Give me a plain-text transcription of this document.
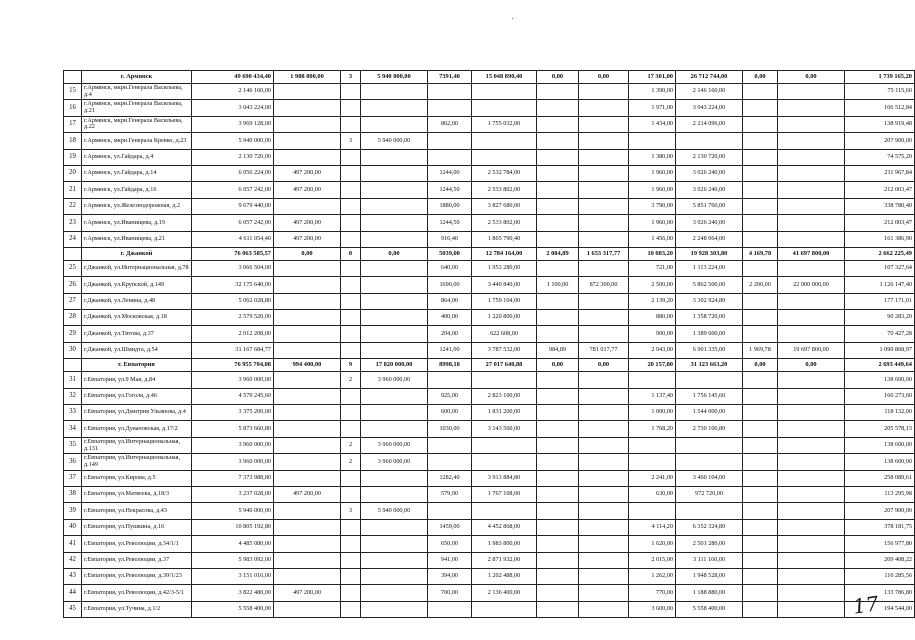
	г. Армянск	49 690 434,40	1 988 800,00	3	5 940 000,00	7391,40	15 048 890,40	0,00	0,00	17 301,00	26 712 744,00	0,00	0,00	1 739 165,20
15	г.Армянск, мкрн.Генерала Васильева, д.4	2 146 160,00								1 390,00	2 146 160,00			75 115,60
16	г.Армянск, мкрн.Генерала Васильева, д.21	3 043 224,00								1 971,00	3 043 224,00			106 512,84
17	г.Армянск, мкрн.Генерала Васильева, д.22	3 969 128,00				862,00	1 755 032,00			1 434,00	2 214 096,00			138 919,48
18	г.Армянск, мкрн.Генерала Кревко, д.23	5 940 000,00		3	5 940 000,00									207 900,00
19	г.Армянск, ул.Гайдара, д.4	2 130 720,00								1 380,00	2 130 720,00			74 575,20
20	г.Армянск, ул.Гайдара, д.14	6 056 224,00	497 200,00			1244,00	2 532 784,00			1 960,00	3 026 240,00			211 967,84
21	г.Армянск, ул.Гайдара, д.16	6 057 242,00	497 200,00			1244,50	2 533 802,00			1 960,00	3 026 240,00			212 003,47
22	г.Армянск, ул.Железнодорожная, д.2	9 679 440,00				1880,00	3 827 680,00			3 790,00	5 851 760,00			338 780,40
23	г.Армянск, ул.Иванищева, д.19	6 057 242,00	497 200,00			1244,50	2 533 802,00			1 960,00	3 026 240,00			212 003,47
24	г.Армянск, ул.Иванищева, д.21	4 611 054,40	497 200,00			916,40	1 865 790,40			1 456,00	2 248 064,00			161 386,90
	г. Джанкой	76 063 585,57	0,00	0	0,00	5039,00	12 784 164,00	2 084,89	1 653 317,77	10 083,20	19 928 303,80	4 169,78	41 697 800,00	2 662 225,49
25	г.Джанкой, ул.Интернациональная, д.78	3 066 504,00				640,00	1 953 280,00			721,00	1 113 224,00			107 327,64
26	г.Джанкой, ул.Крупской, д.149	32 175 640,00				1690,00	3 440 840,00	1 100,00	872 300,00	2 500,00	5 862 500,00	2 200,00	22 000 000,00	1 126 147,40
27	г.Джанкой, ул.Ленина, д.48	5 062 028,80				864,00	1 759 104,00			2 139,20	3 302 924,80			177 171,01
28	г.Джанкой, ул.Московская, д.18	2 579 520,00				400,00	1 220 800,00			880,00	1 358 720,00			90 283,20
29	г.Джанкой, ул.Титова, д.37	2 012 208,00				204,00	622 608,00			900,00	1 389 600,00			70 427,28
30	г.Джанкой, ул.Шмидта, д.54	31 167 684,77				1241,00	3 787 532,00	984,89	781 017,77	2 943,00	6 901 335,00	1 969,78	19 697 800,00	1 090 868,97
	г. Евпатория	76 955 704,08	994 400,00	9	17 820 000,00	8998,18	27 017 640,88	0,00	0,00	20 157,80	31 123 663,20	0,00	0,00	2 693 449,64
31	г.Евпатория, ул.9 Мая, д.84	3 960 000,00		2	3 960 000,00									138 600,00
32	г.Евпатория, ул.Гоголя, д.46	4 579 245,60				925,00	2 823 100,00			1 137,40	1 756 145,60			160 273,60
33	г.Евпатория, ул.Дмитрия Ульянова, д.4	3 375 200,00				600,00	1 831 200,00			1 000,00	1 544 000,00			118 132,00
34	г.Евпатория, ул.Дувановская, д.17/2	5 873 660,80				1030,00	3 143 560,00			1 768,20	2 730 100,80			205 578,13
35	г.Евпатория, ул.Интернациональная, д.131	3 960 000,00		2	3 960 000,00									138 600,00
36	г.Евпатория, ул.Интернациональная, д.149	3 960 000,00		2	3 960 000,00									138 600,00
37	г.Евпатория, ул.Кирова, д.5	7 373 988,80				1282,40	3 913 884,80			2 241,00	3 460 104,00			258 089,61
38	г.Евпатория, ул.Матвеева, д.18/3	3 237 028,00	497 200,00			579,00	1 767 108,00			630,00	972 720,00			113 295,98
39	г.Евпатория, ул.Некрасова, д.43	5 940 000,00		3	5 940 000,00									207 900,00
40	г.Евпатория, ул.Пушкина, д.16	10 805 192,80				1459,00	4 452 868,00			4 114,20	6 352 324,80			378 181,75
41	г.Евпатория, ул.Революции, д.34/1/1	4 485 080,00				650,00	1 983 800,00			1 620,00	2 501 280,00			156 977,80
42	г.Евпатория, ул.Революции, д.37	5 983 092,00				941,00	2 871 932,00			2 015,00	3 111 160,00			209 408,22
43	г.Евпатория, ул.Революции, д.39/1/23	3 151 016,00				394,00	1 202 488,00			1 262,00	1 948 528,00			110 285,56
44	г.Евпатория, ул.Революции, д.42/3-5/1	3 822 480,00	497 200,00			700,00	2 136 400,00			770,00	1 188 880,00			133 786,80
45	г.Евпатория, ул.Тучина, д.1/2	5 558 400,00								3 600,00	5 558 400,00			194 544,00
17
